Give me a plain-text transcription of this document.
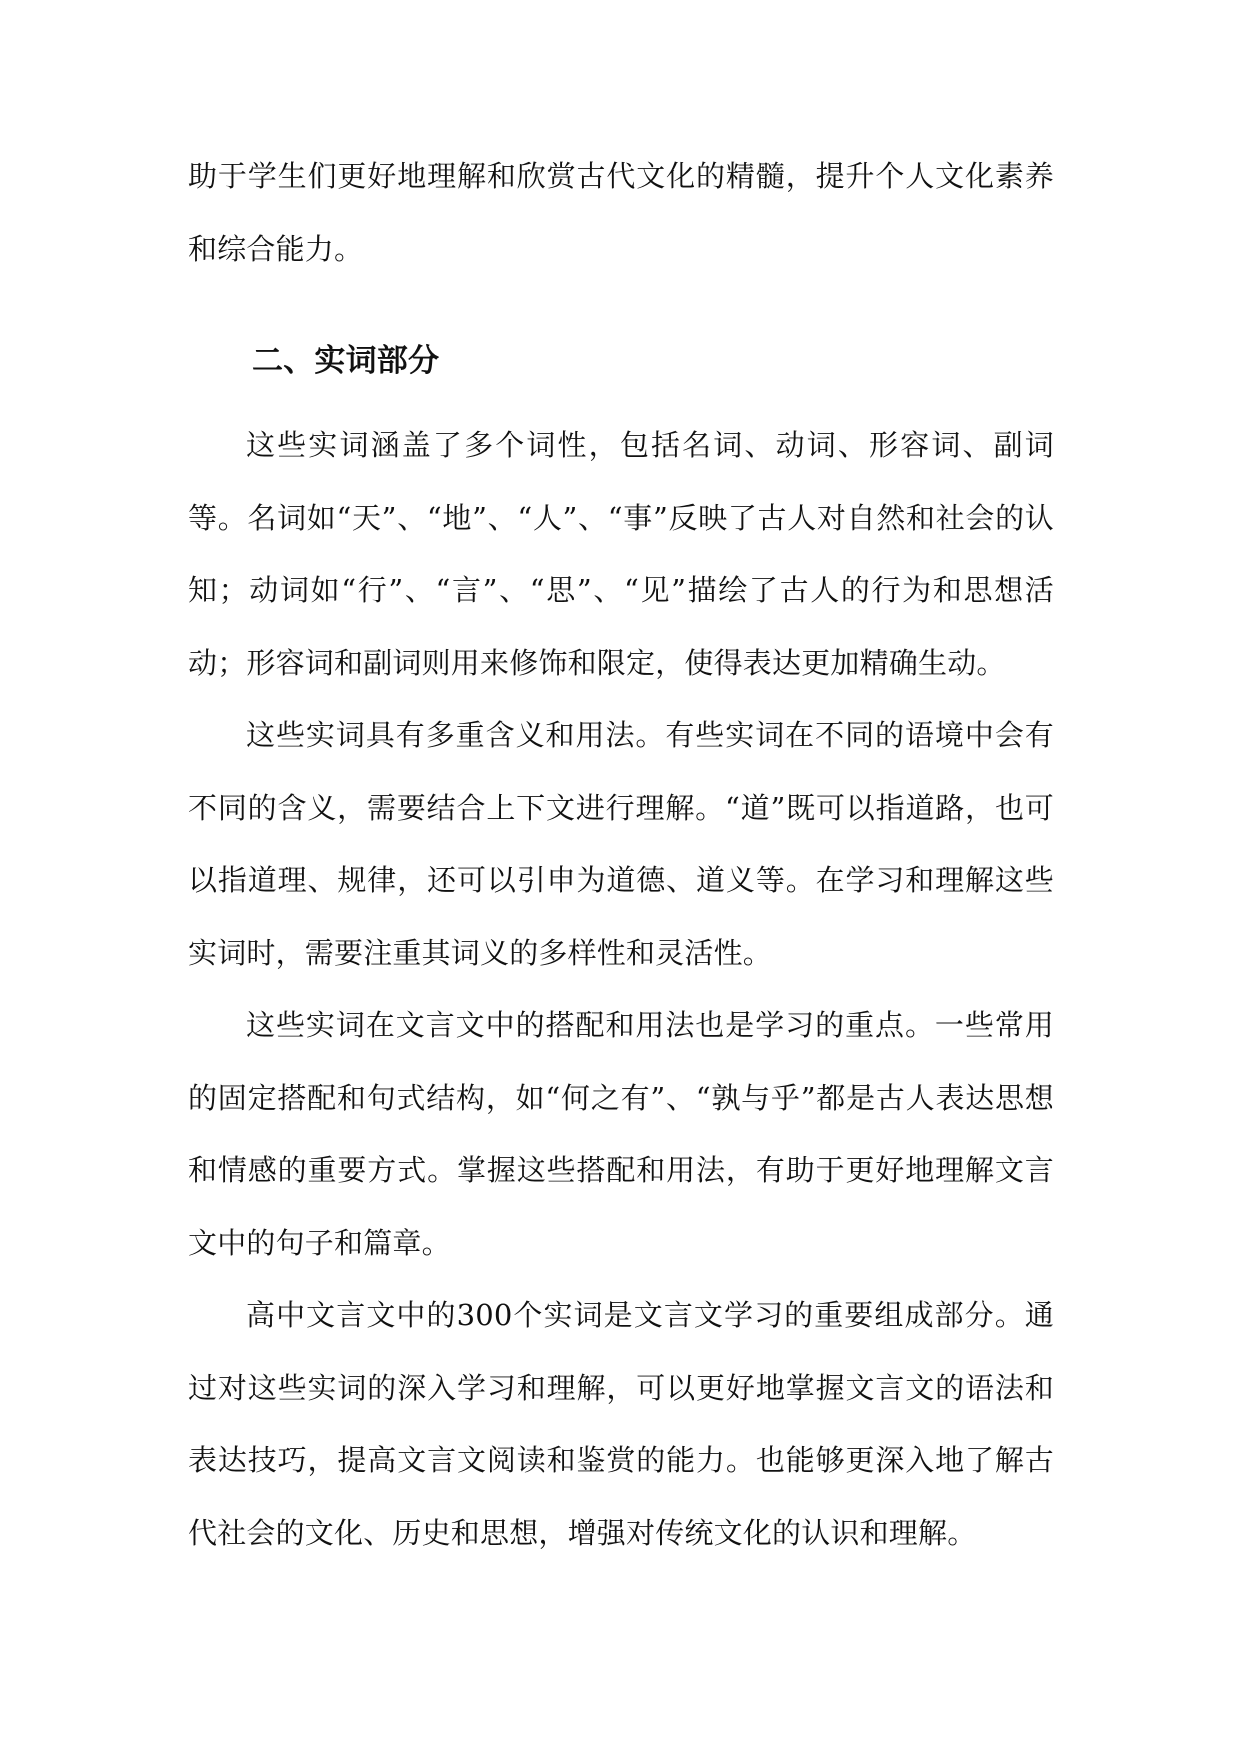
助于学生们更好地理解和欣赏古代文化的精髓，提升个人文化素养和综合能力。

二、实词部分

这些实词涵盖了多个词性，包括名词、动词、形容词、副词等。名词如“天”、“地”、“人”、“事”反映了古人对自然和社会的认知；动词如“行”、“言”、“思”、“见”描绘了古人的行为和思想活动；形容词和副词则用来修饰和限定，使得表达更加精确生动。

这些实词具有多重含义和用法。有些实词在不同的语境中会有不同的含义，需要结合上下文进行理解。“道”既可以指道路，也可以指道理、规律，还可以引申为道德、道义等。在学习和理解这些实词时，需要注重其词义的多样性和灵活性。

这些实词在文言文中的搭配和用法也是学习的重点。一些常用的固定搭配和句式结构，如“何之有”、“孰与乎”都是古人表达思想和情感的重要方式。掌握这些搭配和用法，有助于更好地理解文言文中的句子和篇章。

高中文言文中的300个实词是文言文学习的重要组成部分。通过对这些实词的深入学习和理解，可以更好地掌握文言文的语法和表达技巧，提高文言文阅读和鉴赏的能力。也能够更深入地了解古代社会的文化、历史和思想，增强对传统文化的认识和理解。
